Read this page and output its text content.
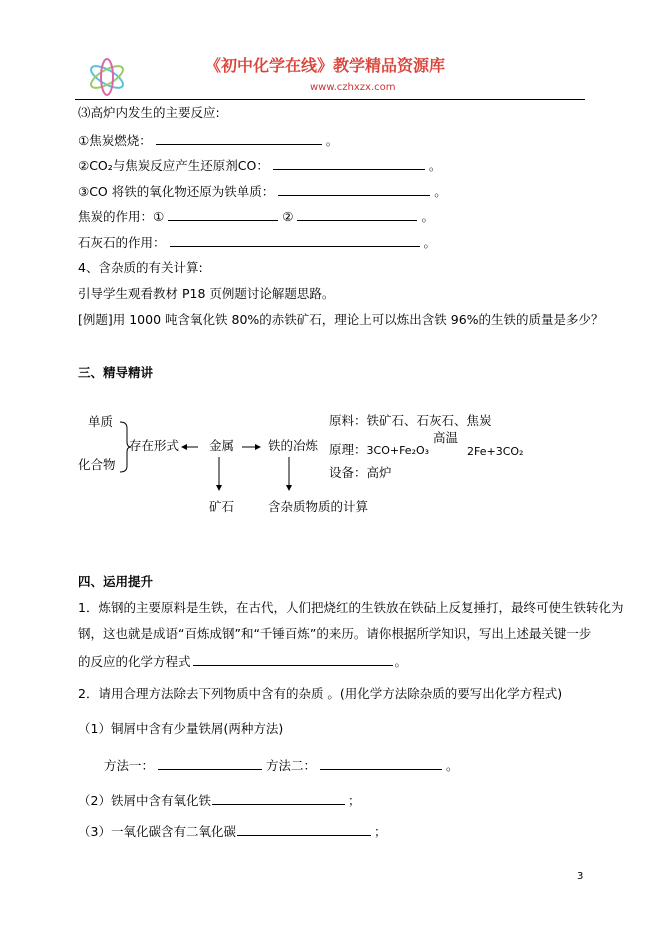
《初中化学在线》教学精品资源库
www.czhxzx.com
⑶高炉内发生的主要反应:
①焦炭燃烧：	。
②CO₂与焦炭反应产生还原剂CO：	。
③CO 将铁的氧化物还原为铁单质：	。
焦炭的作用：①	②	。
石灰石的作用：	。
4、含杂质的有关计算:
引导学生观看教材 P18 页例题讨论解题思路。
[例题]用 1000 吨含氧化铁 80%的赤铁矿石，理论上可以炼出含铁 96%的生铁的质量是多少？
三、精导精讲
单质
化合物
存在形式 金属	铁的冶炼
原料：铁矿石、石灰石、焦炭
原理：3CO+Fe₂O₃
高温
2Fe+3CO₂
设备：高炉
矿石	含杂质物质的计算
四、运用提升
1．炼钢的主要原料是生铁，在古代，人们把烧红的生铁放在铁砧上反复捶打，最终可使生铁转化为
钢，这也就是成语“百炼成钢”和“千锤百炼”的来历。请你根据所学知识，写出上述最关键一步
的反应的化学方程式	。
2．请用合理方法除去下列物质中含有的杂质 。(用化学方法除杂质的要写出化学方程式)
（1）铜屑中含有少量铁屑(两种方法)
方法一：	方法二：	。
（2）铁屑中含有氧化铁	；
（3）一氧化碳含有二氧化碳	；
3
